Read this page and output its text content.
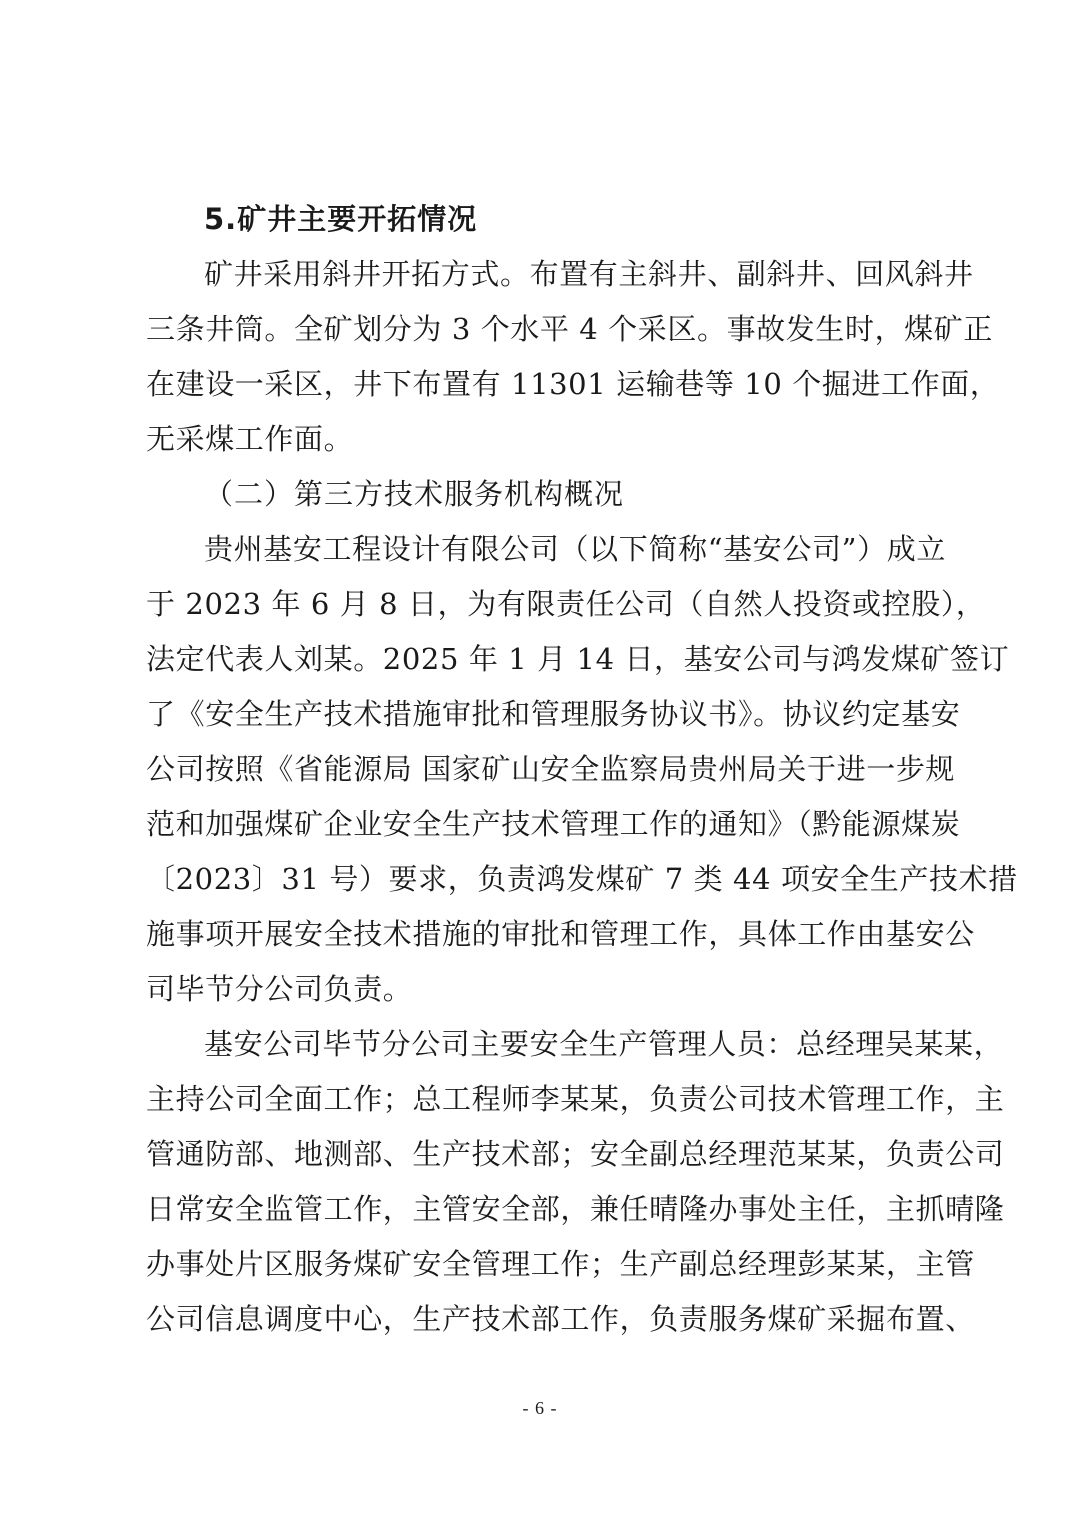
5.矿井主要开拓情况
矿井采用斜井开拓方式。布置有主斜井、副斜井、回风斜井
三条井筒。全矿划分为 3 个水平 4 个采区。事故发生时，煤矿正
在建设一采区，井下布置有 11301 运输巷等 10 个掘进工作面，
无采煤工作面。
（二）第三方技术服务机构概况
贵州基安工程设计有限公司（以下简称“基安公司”）成立
于 2023 年 6 月 8 日，为有限责任公司（自然人投资或控股），
法定代表人刘某。2025 年 1 月 14 日，基安公司与鸿发煤矿签订
了《安全生产技术措施审批和管理服务协议书》。协议约定基安
公司按照《省能源局 国家矿山安全监察局贵州局关于进一步规
范和加强煤矿企业安全生产技术管理工作的通知》（黔能源煤炭
〔2023〕31 号）要求，负责鸿发煤矿 7 类 44 项安全生产技术措
施事项开展安全技术措施的审批和管理工作，具体工作由基安公
司毕节分公司负责。
基安公司毕节分公司主要安全生产管理人员：总经理吴某某，
主持公司全面工作；总工程师李某某，负责公司技术管理工作，主
管通防部、地测部、生产技术部；安全副总经理范某某，负责公司
日常安全监管工作，主管安全部，兼任晴隆办事处主任，主抓晴隆
办事处片区服务煤矿安全管理工作；生产副总经理彭某某，主管
公司信息调度中心，生产技术部工作，负责服务煤矿采掘布置、
- 6 -
